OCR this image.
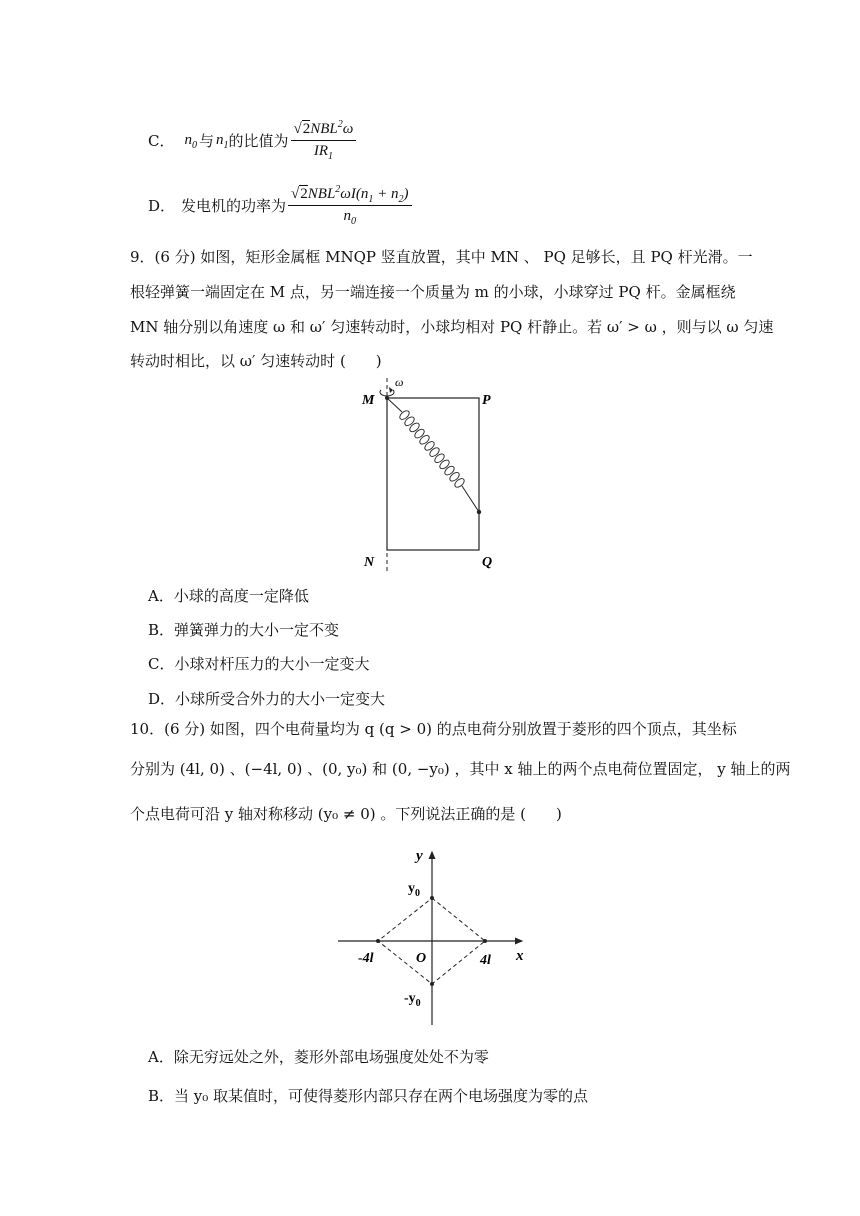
C． $n_0$ 与 $n_1$ 的比值为 $\frac{√2NBL^2\omega}{IR_1}$
D． 发电机的功率为 $\frac{√2NBL^2\omega I(n_1 + n_2)}{n_0}$
9．(6 分) 如图，矩形金属框 MNQP 竖直放置，其中 MN 、 PQ 足够长，且 PQ 杆光滑。一
根轻弹簧一端固定在 M 点，另一端连接一个质量为 m 的小球，小球穿过 PQ 杆。金属框绕
MN 轴分别以角速度 ω 和 ω′ 匀速转动时，小球均相对 PQ 杆静止。若 ω′ > ω ，则与以 ω 匀速
转动时相比，以 ω′ 匀速转动时 (　　)
ω
M	P
N	Q
A．小球的高度一定降低
B．弹簧弹力的大小一定不变
C．小球对杆压力的大小一定变大
D．小球所受合外力的大小一定变大
10．(6 分) 如图，四个电荷量均为 q (q > 0) 的点电荷分别放置于菱形的四个顶点，其坐标
分别为 (4l, 0) 、(−4l, 0) 、(0, y₀) 和 (0, −y₀) ，其中 x 轴上的两个点电荷位置固定， y 轴上的两
个点电荷可沿 y 轴对称移动 (y₀ ≠ 0) 。下列说法正确的是 (　　)
y
x
$y_0$
$-y_0$
-4l	O	4l
A．除无穷远处之外，菱形外部电场强度处处不为零
B．当 y₀ 取某值时，可使得菱形内部只存在两个电场强度为零的点
